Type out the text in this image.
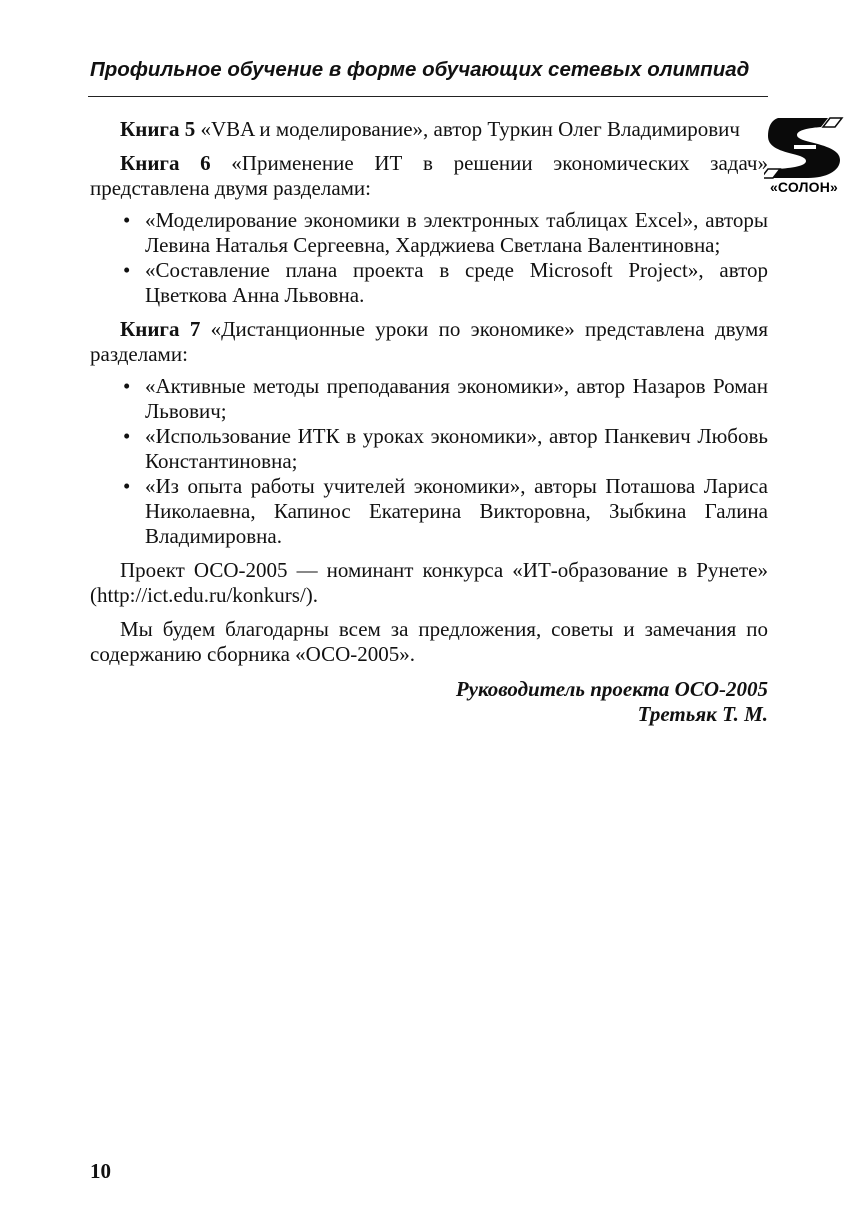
Профильное обучение в форме обучающих сетевых олимпиад
«СОЛОН»

Книга 5 «VBA и моделирование», автор Туркин Олег Владимирович

Книга 6 «Применение ИТ в решении экономических задач» представлена двумя разделами:

• «Моделирование экономики в электронных таблицах Excel», авторы Левина Наталья Сергеевна, Харджиева Светлана Валентиновна;
• «Составление плана проекта в среде Microsoft Project», автор Цветкова Анна Львовна.

Книга 7 «Дистанционные уроки по экономике» представлена двумя разделами:

• «Активные методы преподавания экономики», автор Назаров Роман Львович;
• «Использование ИТК в уроках экономики», автор Панкевич Любовь Константиновна;
• «Из опыта работы учителей экономики», авторы Поташова Лариса Николаевна, Капинос Екатерина Викторовна, Зыбкина Галина Владимировна.

Проект ОСО-2005 — номинант конкурса «ИТ-образование в Рунете» (http://ict.edu.ru/konkurs/).

Мы будем благодарны всем за предложения, советы и замечания по содержанию сборника «ОСО-2005».

Руководитель проекта ОСО-2005
Третьяк Т. М.
10
